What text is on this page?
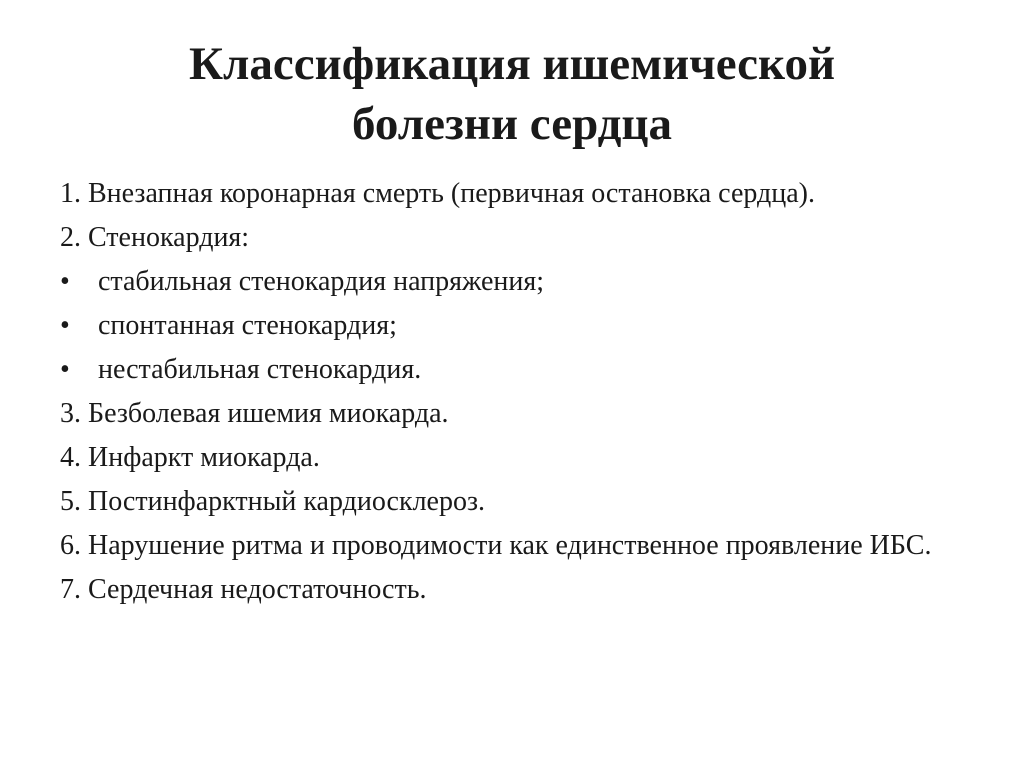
Классификация ишемической
болезни сердца
1. Внезапная коронарная смерть (первичная остановка сердца).
2. Стенокардия:
•	стабильная стенокардия напряжения;
•	спонтанная стенокардия;
•	нестабильная стенокардия.
3. Безболевая ишемия миокарда.
4. Инфаркт миокарда.
5. Постинфарктный кардиосклероз.
6. Нарушение ритма и проводимости как единственное проявление ИБС.
7. Сердечная недостаточность.
